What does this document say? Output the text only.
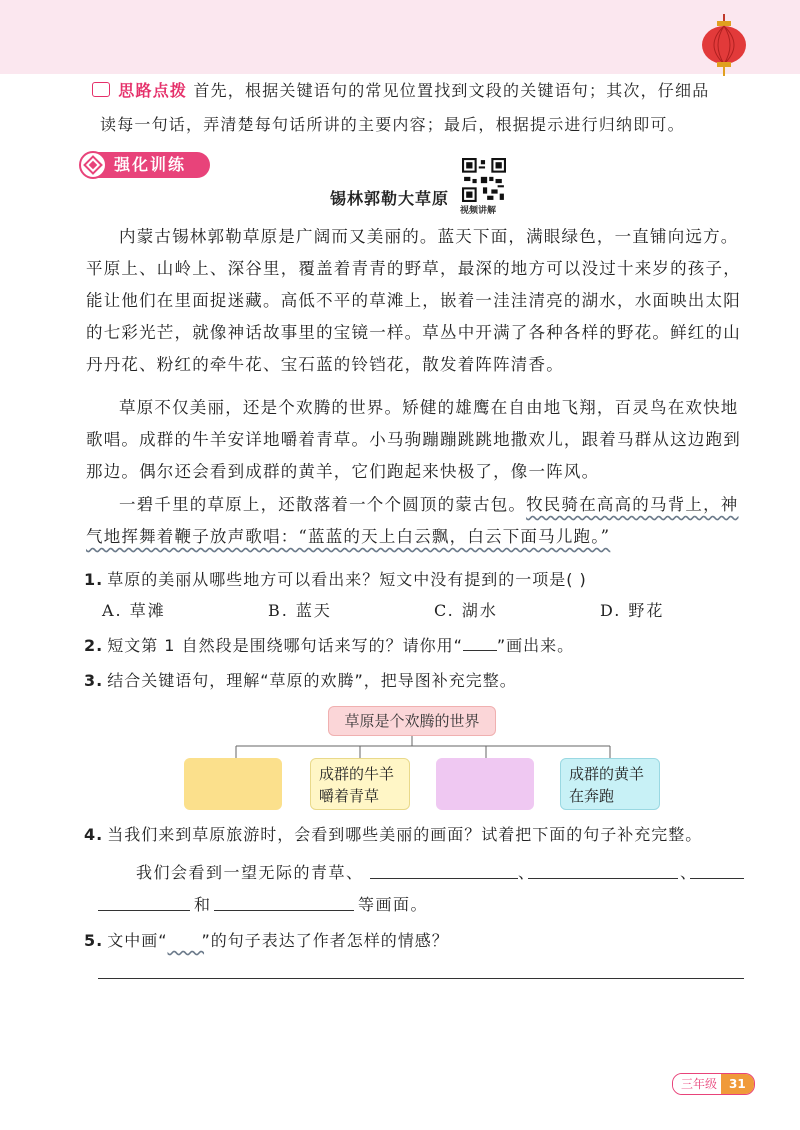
思路点拨 首先，根据关键语句的常见位置找到文段的关键语句；其次，仔细品
读每一句话，弄清楚每句话所讲的主要内容；最后，根据提示进行归纳即可。
强化训练
锡林郭勒大草原
视频讲解

内蒙古锡林郭勒草原是广阔而又美丽的。蓝天下面，满眼绿色，一直铺向远方。平原上、山岭上、深谷里，覆盖着青青的野草，最深的地方可以没过十来岁的孩子，能让他们在里面捉迷藏。高低不平的草滩上，嵌着一洼洼清亮的湖水，水面映出太阳的七彩光芒，就像神话故事里的宝镜一样。草丛中开满了各种各样的野花。鲜红的山丹丹花、粉红的牵牛花、宝石蓝的铃铛花，散发着阵阵清香。

草原不仅美丽，还是个欢腾的世界。矫健的雄鹰在自由地飞翔，百灵鸟在欢快地歌唱。成群的牛羊安详地嚼着青草。小马驹蹦蹦跳跳地撒欢儿，跟着马群从这边跑到那边。偶尔还会看到成群的黄羊，它们跑起来快极了，像一阵风。

一碧千里的草原上，还散落着一个个圆顶的蒙古包。牧民骑在高高的马背上，神气地挥舞着鞭子放声歌唱：“蓝蓝的天上白云飘，白云下面马儿跑。”

1. 草原的美丽从哪些地方可以看出来？短文中没有提到的一项是( )
A. 草滩	B. 蓝天	C. 湖水	D. 野花
2. 短文第 1 自然段是围绕哪句话来写的？请你用“ ”画出来。
3. 结合关键语句，理解“草原的欢腾”，把导图补充完整。
草原是个欢腾的世界
成群的牛羊
嚼着青草
成群的黄羊
在奔跑
4. 当我们来到草原旅游时，会看到哪些美丽的画面？试着把下面的句子补充完整。
我们会看到一望无际的青草、	、	、
和	等画面。
5. 文中画“ ”的句子表达了作者怎样的情感？
三年级	31
